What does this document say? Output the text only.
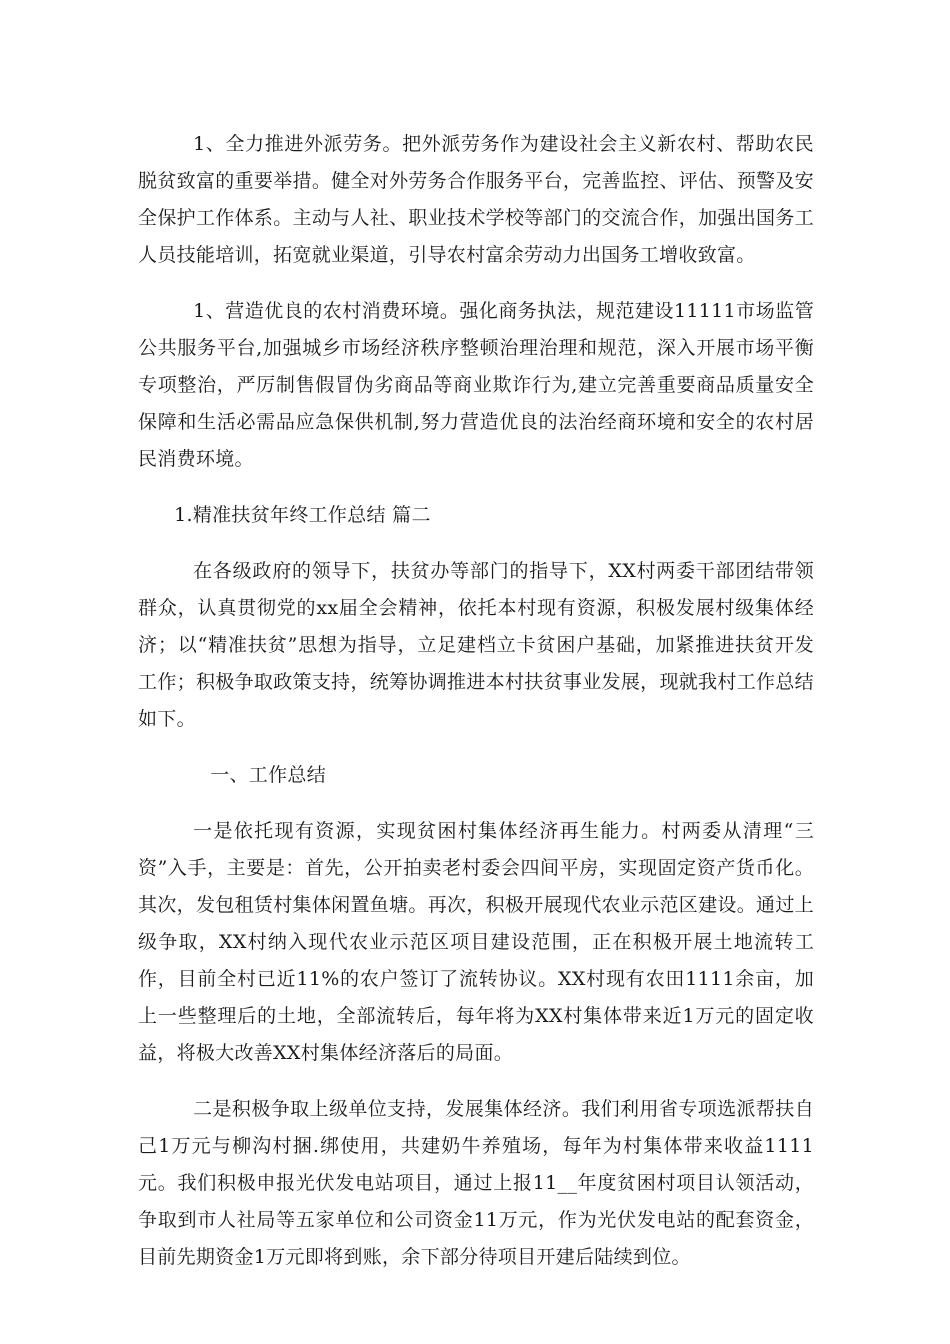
1、全力推进外派劳务。把外派劳务作为建设社会主义新农村、帮助农民脱贫致富的重要举措。健全对外劳务合作服务平台，完善监控、评估、预警及安全保护工作体系。主动与人社、职业技术学校等部门的交流合作，加强出国务工人员技能培训，拓宽就业渠道，引导农村富余劳动力出国务工增收致富。

1、营造优良的农村消费环境。强化商务执法，规范建设11111市场监管公共服务平台,加强城乡市场经济秩序整顿治理治理和规范，深入开展市场平衡专项整治，严厉制售假冒伪劣商品等商业欺诈行为,建立完善重要商品质量安全保障和生活必需品应急保供机制,努力营造优良的法治经商环境和安全的农村居民消费环境。

1.精准扶贫年终工作总结 篇二

在各级政府的领导下，扶贫办等部门的指导下，XX村两委干部团结带领群众，认真贯彻党的xx届全会精神，依托本村现有资源，积极发展村级集体经济；以“精准扶贫”思想为指导，立足建档立卡贫困户基础，加紧推进扶贫开发工作；积极争取政策支持，统筹协调推进本村扶贫事业发展，现就我村工作总结如下。

一、工作总结

一是依托现有资源，实现贫困村集体经济再生能力。村两委从清理“三资”入手，主要是：首先，公开拍卖老村委会四间平房，实现固定资产货币化。其次，发包租赁村集体闲置鱼塘。再次，积极开展现代农业示范区建设。通过上级争取，XX村纳入现代农业示范区项目建设范围，正在积极开展土地流转工作，目前全村已近11%的农户签订了流转协议。XX村现有农田1111余亩，加上一些整理后的土地，全部流转后，每年将为XX村集体带来近1万元的固定收益，将极大改善XX村集体经济落后的局面。

二是积极争取上级单位支持，发展集体经济。我们利用省专项选派帮扶自己1万元与柳沟村捆.绑使用，共建奶牛养殖场，每年为村集体带来收益1111元。我们积极申报光伏发电站项目，通过上报11__年度贫困村项目认领活动，争取到市人社局等五家单位和公司资金11万元，作为光伏发电站的配套资金，目前先期资金1万元即将到账，余下部分待项目开建后陆续到位。
